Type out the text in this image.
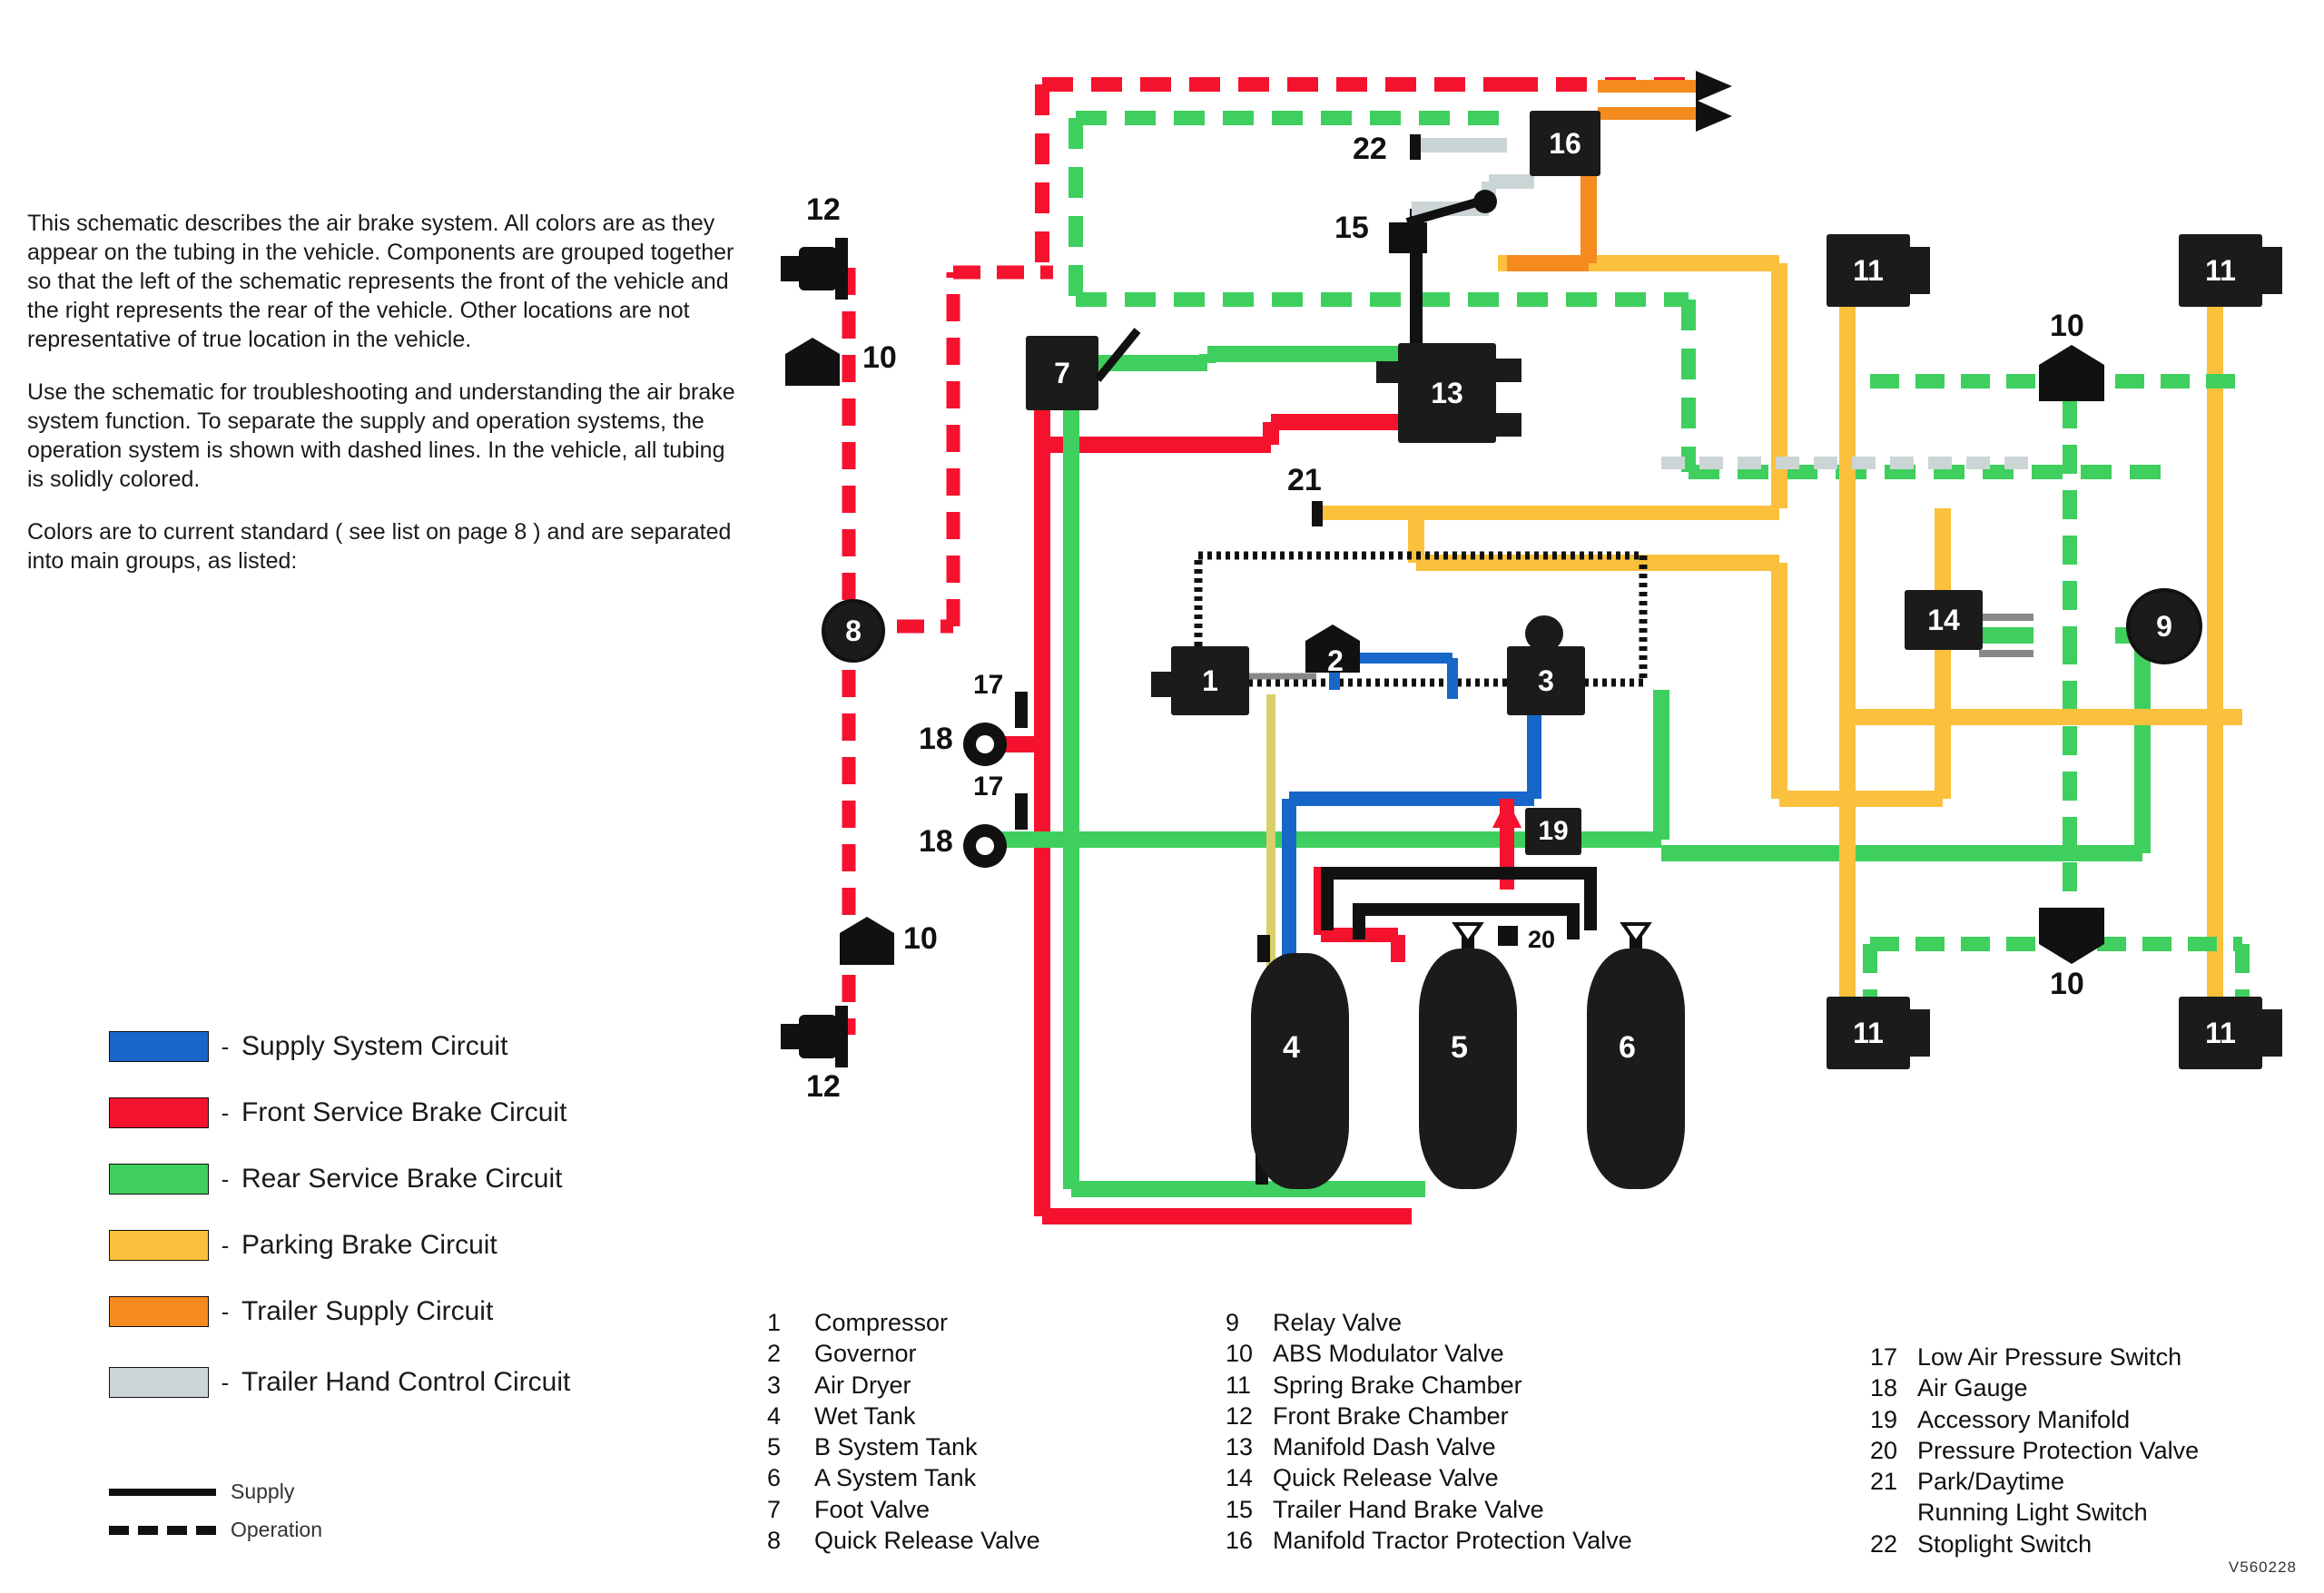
This schematic describes the air brake system. All colors are as they appear on the tubing in the vehicle. Components are grouped together so that the left of the schematic represents the front of the vehicle and the right represents the rear of the vehicle. Other locations are not representative of true location in the vehicle.

Use the schematic for troubleshooting and understanding the air brake system function. To separate the supply and operation systems, the operation system is shown with dashed lines. In the vehicle, all tubing is solidly colored.

Colors are to current standard ( see list on page 8 ) and are separated into main groups, as listed:

- Supply System Circuit
- Front Service Brake Circuit
- Rear Service Brake Circuit
- Parking Brake Circuit
- Trailer Supply Circuit
- Trailer Hand Control Circuit
Supply
Operation
1	Compressor
2	Governor
3	Air Dryer
4	Wet Tank
5	B System Tank
6	A System Tank
7	Foot Valve
8	Quick Release Valve
9	Relay Valve
10 ABS Modulator Valve
11 Spring Brake Chamber
12 Front Brake Chamber
13 Manifold Dash Valve
14 Quick Release Valve
15 Trailer Hand Brake Valve
16 Manifold Tractor Protection Valve
17 Low Air Pressure Switch
18 Air Gauge
19 Accessory Manifold
20 Pressure Protection Valve
21 Park/Daytime
Running Light Switch
22 Stoplight Switch
V560228
7
8
13
16
1
2
3
4	5	6
19
11	11
11	11
14	9
12
10
22
15
21
17
18
17
18
10
12
20
10
10
